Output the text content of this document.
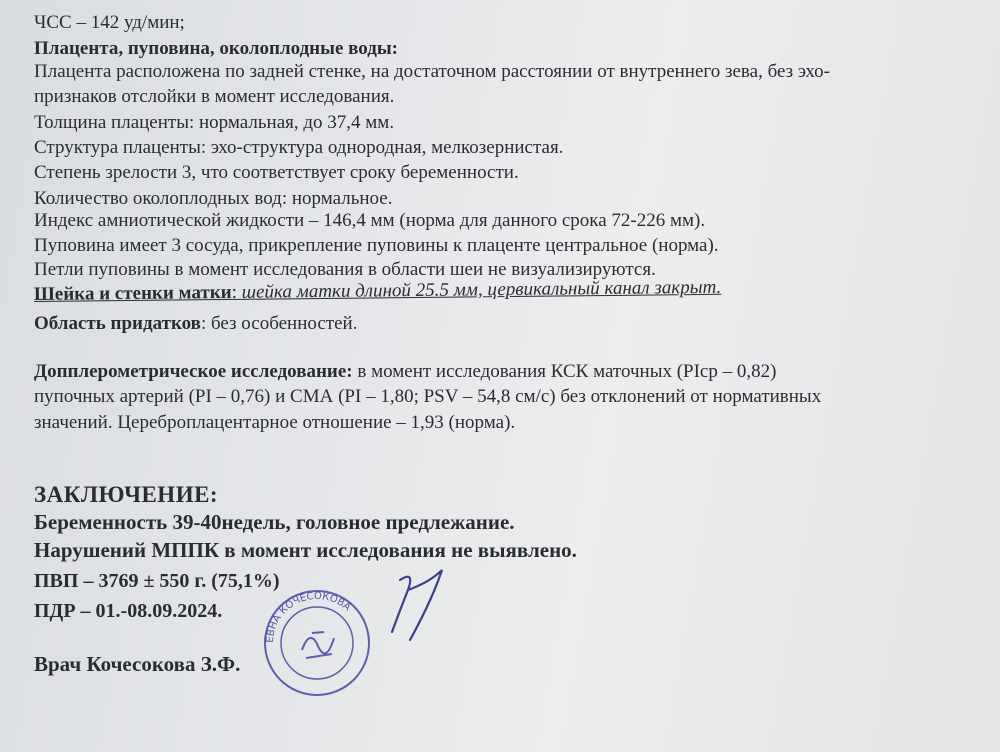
ЧСС – 142 уд/мин;
Плацента, пуповина, околоплодные воды:
Плацента расположена по задней стенке, на достаточном расстоянии от внутреннего зева, без эхо-
признаков отслойки в момент исследования.
Толщина плаценты: нормальная, до 37,4 мм.
Структура плаценты: эхо-структура однородная, мелкозернистая.
Степень зрелости 3, что соответствует сроку беременности.
Количество околоплодных вод: нормальное.
Индекс амниотической жидкости – 146,4 мм (норма для данного срока 72-226 мм).
Пуповина имеет 3 сосуда, прикрепление пуповины к плаценте центральное (норма).
Петли пуповины в момент исследования в области шеи не визуализируются.
Шейка и стенки матки: шейка матки длиной 25.5 мм, цервикальный канал закрыт.
Область придатков: без особенностей.
Допплерометрическое исследование: в момент исследования КСК маточных (PIср – 0,82)
пупочных артерий (PI – 0,76) и СМА (PI – 1,80; PSV – 54,8 см/с) без отклонений от нормативных
значений. Цереброплацентарное отношение – 1,93 (норма).
ЗАКЛЮЧЕНИЕ:
Беременность 39-40недель, головное предлежание.
Нарушений МППК в момент исследования не выявлено.
ПВП – 3769 ± 550 г. (75,1%)
ПДР – 01.-08.09.2024.
Врач Кочесокова З.Ф.
ЕВНА КОЧЕСОКОВА
